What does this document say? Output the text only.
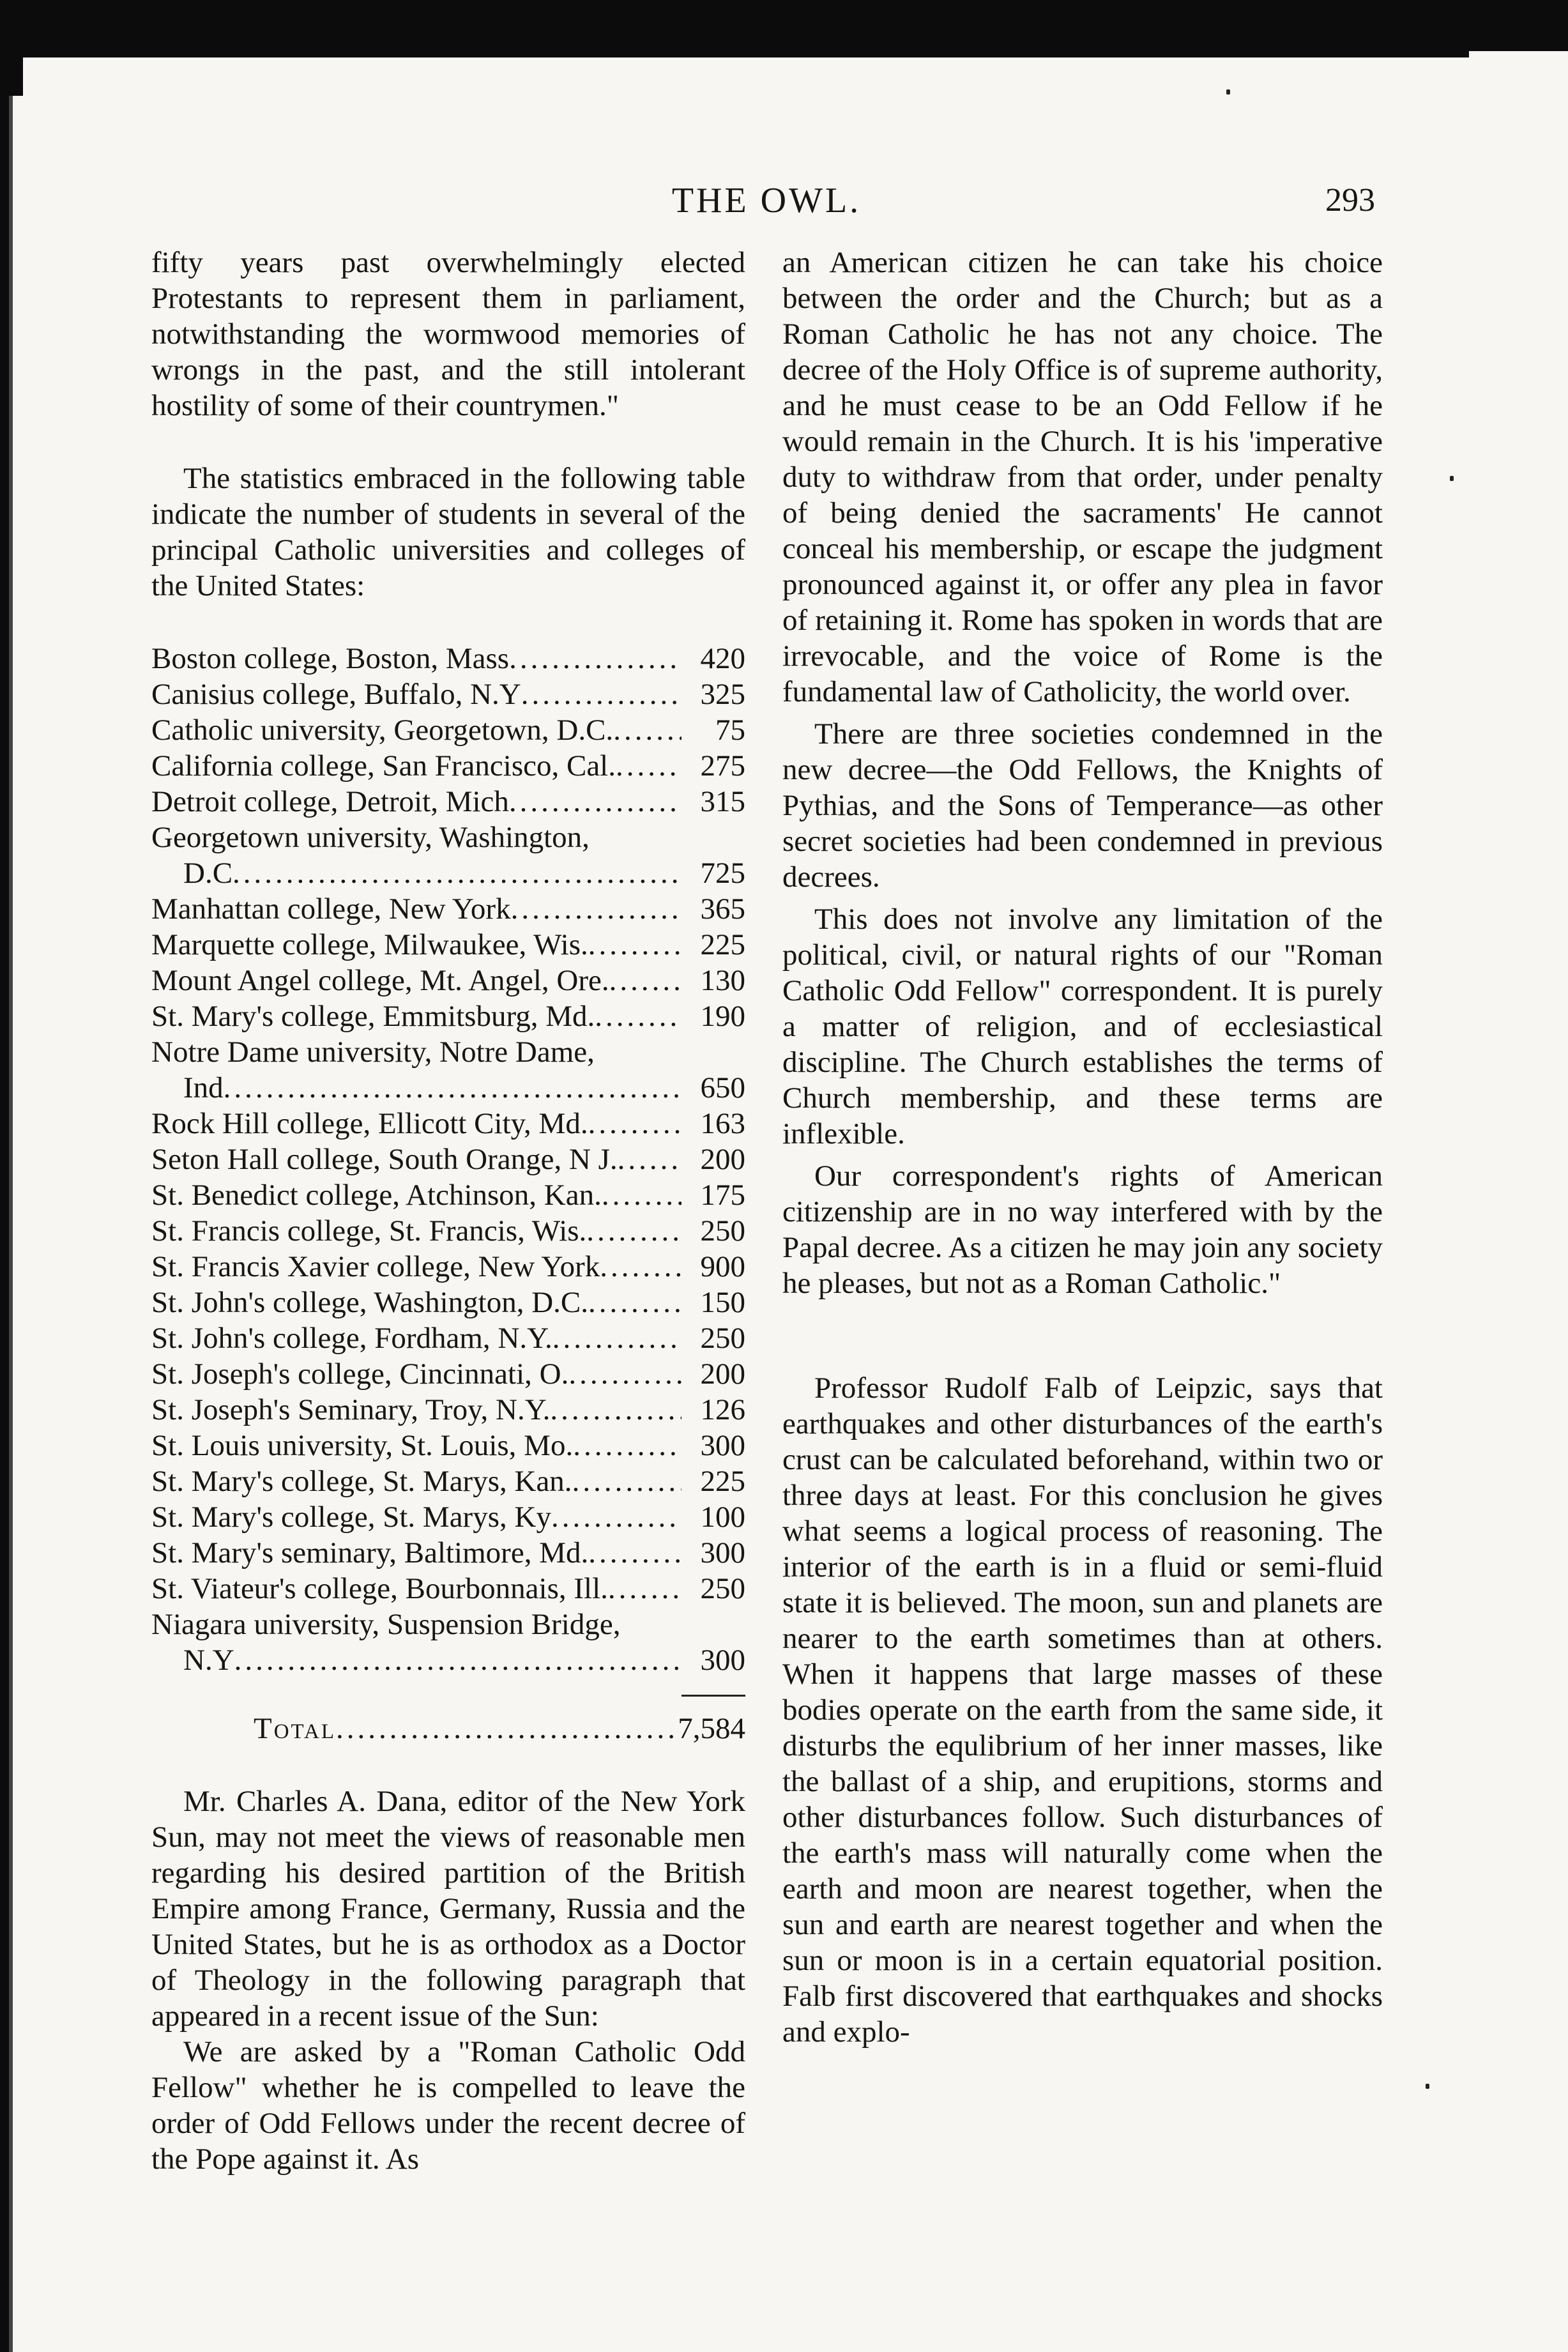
THE OWL.	293

fifty years past overwhelmingly elected Protestants to represent them in parliament, notwithstanding the wormwood memories of wrongs in the past, and the still intolerant hostility of some of their countrymen."

The statistics embraced in the following table indicate the number of students in several of the principal Catholic universities and colleges of the United States:

Boston college, Boston, Mass .....	420
Canisius college, Buffalo, N.Y .....	325
Catholic university, Georgetown, D.C. .....	75
California college, San Francisco, Cal. .....	275
Detroit college, Detroit, Mich .....	315
Georgetown university, Washington,
D.C .....	725
Manhattan college, New York .....	365
Marquette college, Milwaukee, Wis. .....	225
Mount Angel college, Mt. Angel, Ore. .....	130
St. Mary's college, Emmitsburg, Md. .....	190
Notre Dame university, Notre Dame,
Ind .....	650
Rock Hill college, Ellicott City, Md. .....	163
Seton Hall college, South Orange, N J. .....	200
St. Benedict college, Atchinson, Kan. .....	175
St. Francis college, St. Francis, Wis. .....	250
St. Francis Xavier college, New York .....	900
St. John's college, Washington, D.C. .....	150
St. John's college, Fordham, N.Y. .....	250
St. Joseph's college, Cincinnati, O. .....	200
St. Joseph's Seminary, Troy, N.Y. .....	126
St. Louis university, St. Louis, Mo. .....	300
St. Mary's college, St. Marys, Kan. .....	225
St. Mary's college, St. Marys, Ky .....	100
St. Mary's seminary, Baltimore, Md. .....	300
St. Viateur's college, Bourbonnais, Ill. .....	250
Niagara university, Suspension Bridge,
N.Y .....	300
Total .....	7,584

Mr. Charles A. Dana, editor of the New York Sun, may not meet the views of reasonable men regarding his desired partition of the British Empire among France, Germany, Russia and the United States, but he is as orthodox as a Doctor of Theology in the following paragraph that appeared in a recent issue of the Sun:

We are asked by a "Roman Catholic Odd Fellow" whether he is compelled to leave the order of Odd Fellows under the recent decree of the Pope against it. As

an American citizen he can take his choice between the order and the Church; but as a Roman Catholic he has not any choice. The decree of the Holy Office is of supreme authority, and he must cease to be an Odd Fellow if he would remain in the Church. It is his 'imperative duty to withdraw from that order, under penalty of being denied the sacraments' He cannot conceal his membership, or escape the judgment pronounced against it, or offer any plea in favor of retaining it. Rome has spoken in words that are irrevocable, and the voice of Rome is the fundamental law of Catholicity, the world over.

There are three societies condemned in the new decree—the Odd Fellows, the Knights of Pythias, and the Sons of Temperance—as other secret societies had been condemned in previous decrees.

This does not involve any limitation of the political, civil, or natural rights of our "Roman Catholic Odd Fellow" correspondent. It is purely a matter of religion, and of ecclesiastical discipline. The Church establishes the terms of Church membership, and these terms are inflexible.

Our correspondent's rights of American citizenship are in no way interfered with by the Papal decree. As a citizen he may join any society he pleases, but not as a Roman Catholic."

Professor Rudolf Falb of Leipzic, says that earthquakes and other disturbances of the earth's crust can be calculated beforehand, within two or three days at least. For this conclusion he gives what seems a logical process of reasoning. The interior of the earth is in a fluid or semi-fluid state it is believed. The moon, sun and planets are nearer to the earth sometimes than at others. When it happens that large masses of these bodies operate on the earth from the same side, it disturbs the equlibrium of her inner masses, like the ballast of a ship, and erupitions, storms and other disturbances follow. Such disturbances of the earth's mass will naturally come when the earth and moon are nearest together, when the sun and earth are nearest together and when the sun or moon is in a certain equatorial position. Falb first discovered that earthquakes and shocks and explo-
